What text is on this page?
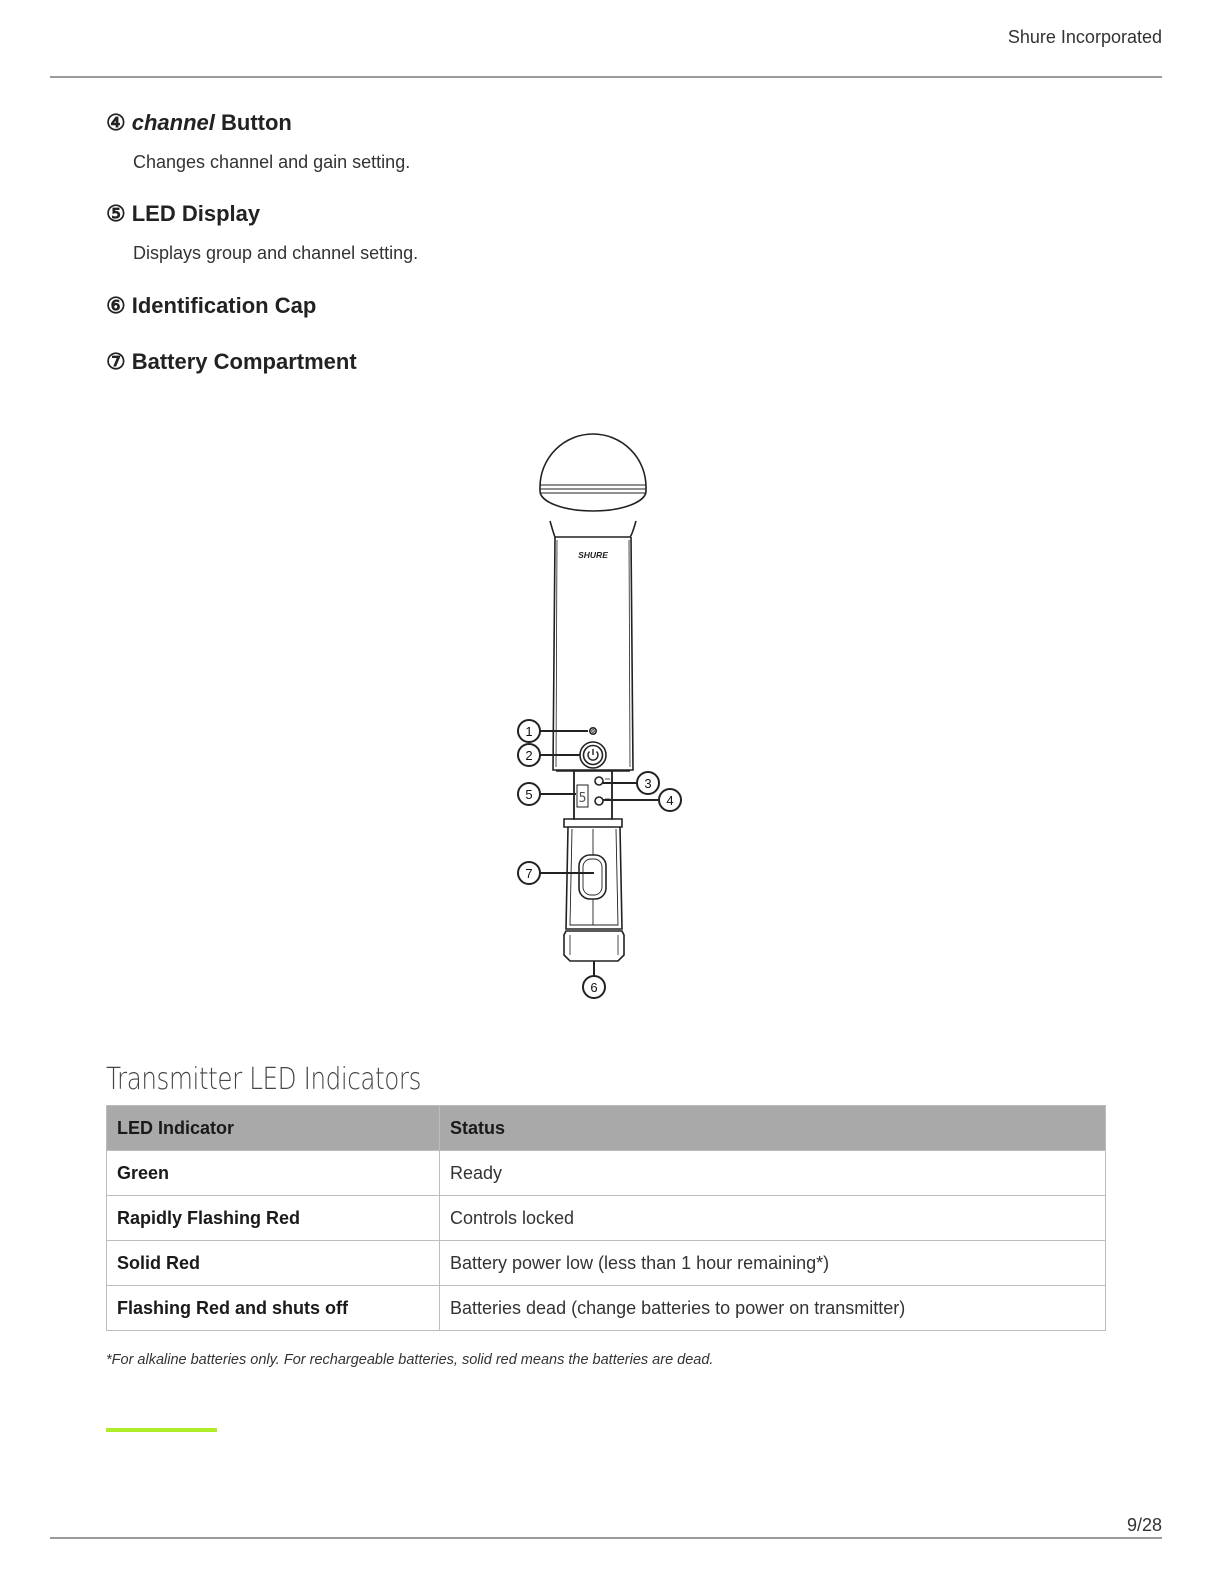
Shure Incorporated
④ channel Button
Changes channel and gain setting.
⑤ LED Display
Displays group and channel setting.
⑥ Identification Cap
⑦ Battery Compartment
SHURE
5
1
2
3
4
5
6
7
Transmitter LED Indicators
LED Indicator	Status
Green	Ready
Rapidly Flashing Red	Controls locked
Solid Red	Battery power low (less than 1 hour remaining*)
Flashing Red and shuts off	Batteries dead (change batteries to power on transmitter)
*For alkaline batteries only. For rechargeable batteries, solid red means the batteries are dead.
9/28
